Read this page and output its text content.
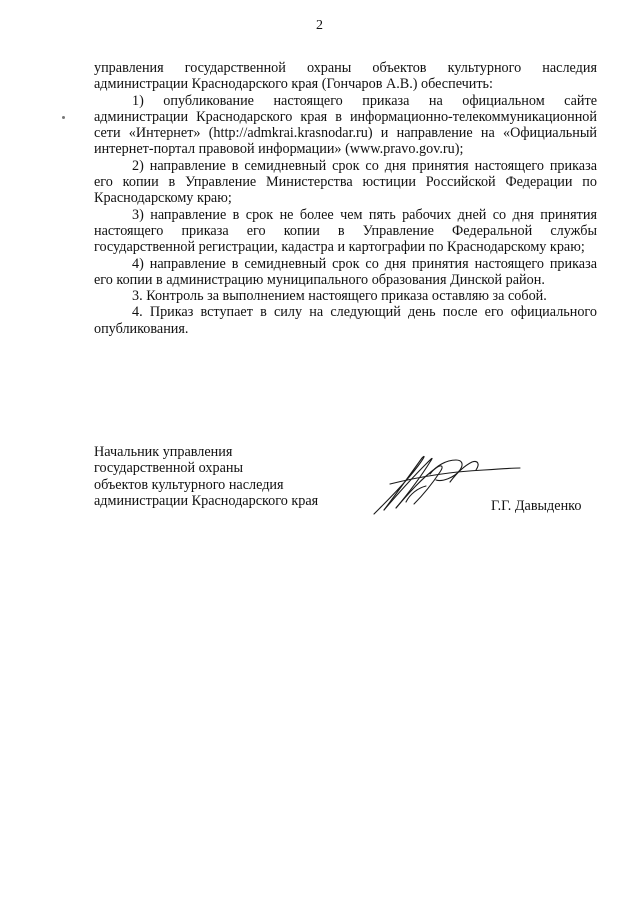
2

управления государственной охраны объектов культурного наследия администрации Краснодарского края (Гончаров А.В.) обеспечить:

1) опубликование настоящего приказа на официальном сайте администрации Краснодарского края в информационно-телекоммуникационной сети «Интернет» (http://admkrai.krasnodar.ru) и направление на «Официальный интернет-портал правовой информации» (www.pravo.gov.ru);

2) направление в семидневный срок со дня принятия настоящего приказа его копии в Управление Министерства юстиции Российской Федерации по Краснодарскому краю;

3) направление в срок не более чем пять рабочих дней со дня принятия настоящего приказа его копии в Управление Федеральной службы государственной регистрации, кадастра и картографии по Краснодарскому краю;

4) направление в семидневный срок со дня принятия настоящего приказа его копии в администрацию муниципального образования Динской район.

3. Контроль за выполнением настоящего приказа оставляю за собой.

4. Приказ вступает в силу на следующий день после его официального опубликования.

Начальник управления
государственной охраны
объектов культурного наследия
администрации Краснодарского края	Г.Г. Давыденко
